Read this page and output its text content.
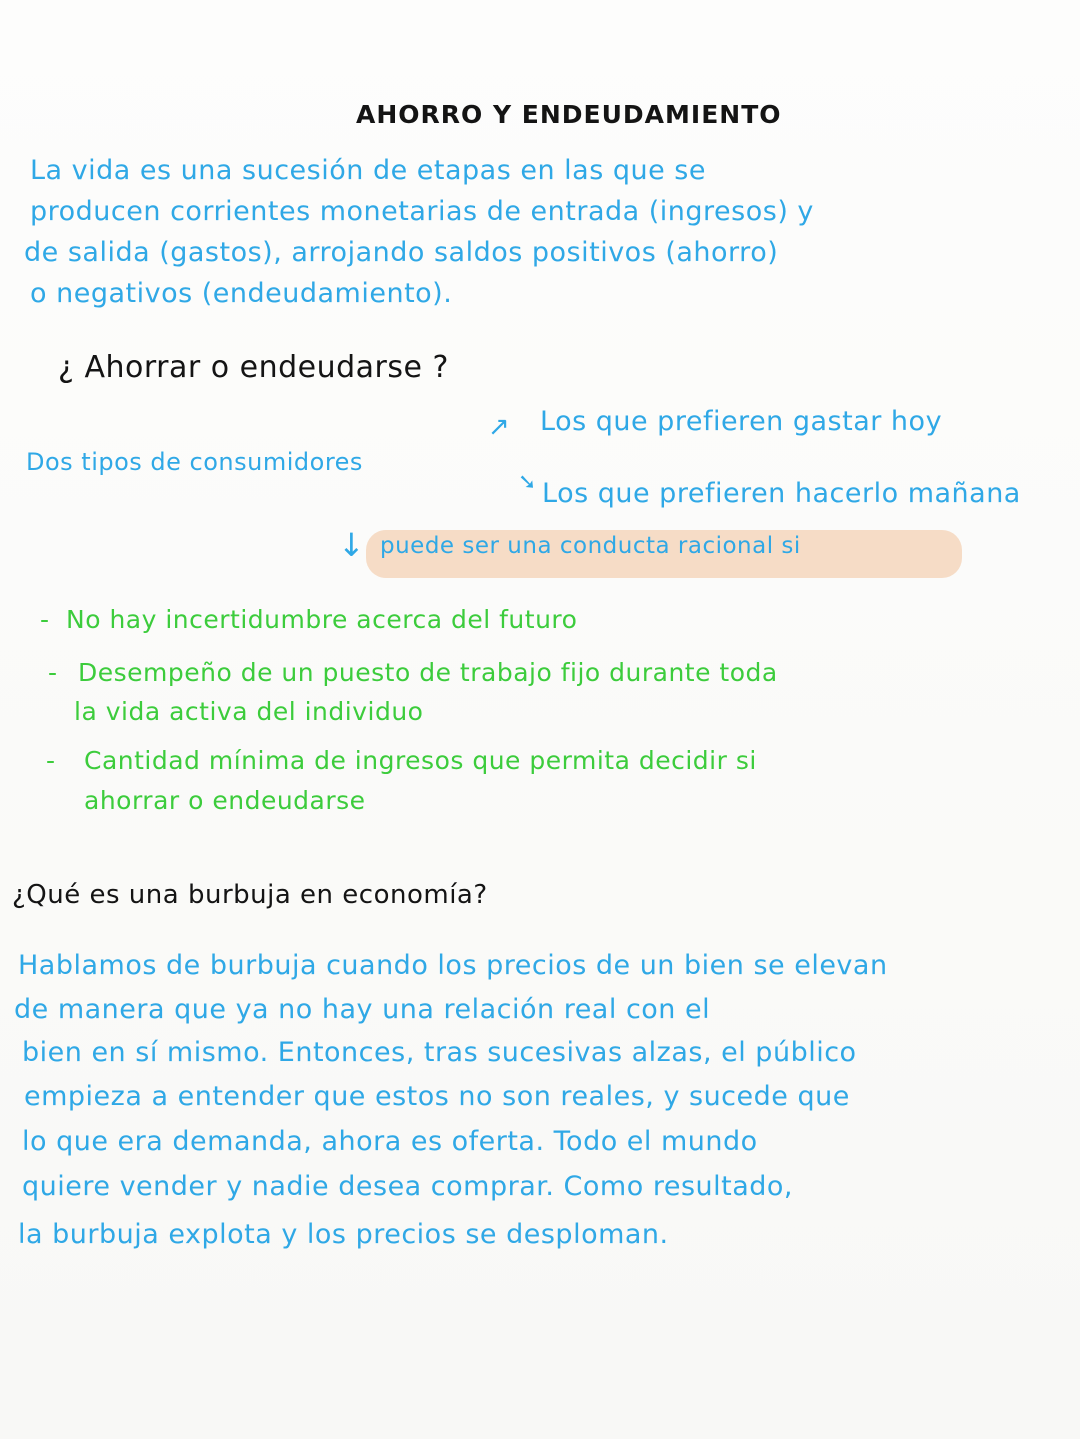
AHORRO Y ENDEUDAMIENTO
La vida es una sucesión de etapas en las que se
producen corrientes monetarias de entrada (ingresos) y
de salida (gastos), arrojando saldos positivos (ahorro)
o negativos (endeudamiento).
¿ Ahorrar o endeudarse ?
Dos tipos de consumidores
↗ Los que prefieren gastar hoy
➘ Los que prefieren hacerlo mañana
↓ puede ser una conducta racional si
- No hay incertidumbre acerca del futuro
- Desempeño de un puesto de trabajo fijo durante toda
la vida activa del individuo
- Cantidad mínima de ingresos que permita decidir si
ahorrar o endeudarse
¿Qué es una burbuja en economía?
Hablamos de burbuja cuando los precios de un bien se elevan
de manera que ya no hay una relación real con el
bien en sí mismo. Entonces, tras sucesivas alzas, el público
empieza a entender que estos no son reales, y sucede que
lo que era demanda, ahora es oferta. Todo el mundo
quiere vender y nadie desea comprar. Como resultado,
la burbuja explota y los precios se desploman.
